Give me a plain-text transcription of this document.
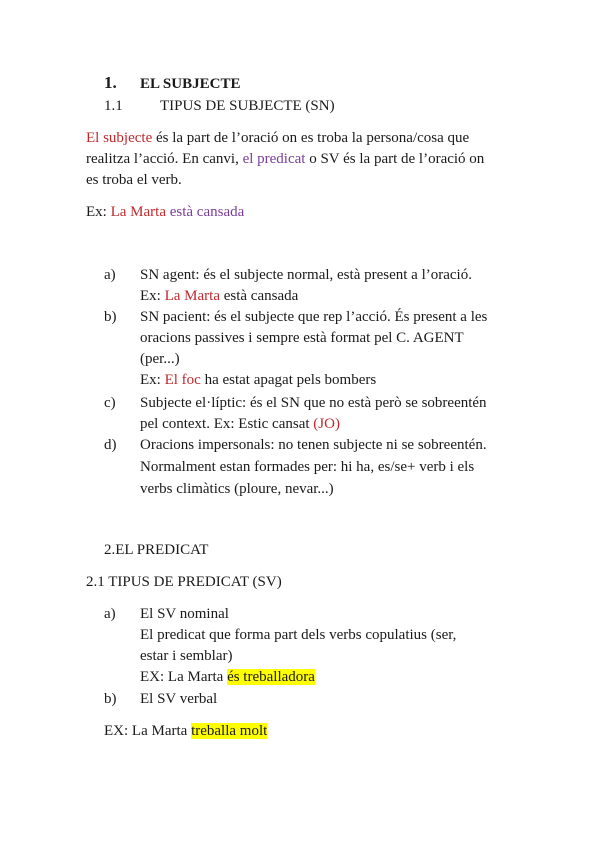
1. EL SUBJECTE
1.1 TIPUS DE SUBJECTE (SN)
El subjecte és la part de l’oració on es troba la persona/cosa que
realitza l’acció. En canvi, el predicat o SV és la part de l’oració on
es troba el verb.
Ex: La Marta està cansada
a) SN agent: és el subjecte normal, està present a l’oració.
Ex: La Marta està cansada
b) SN pacient: és el subjecte que rep l’acció. És present a les
oracions passives i sempre està format pel C. AGENT
(per...)
Ex: El foc ha estat apagat pels bombers
c) Subjecte el·líptic: és el SN que no està però se sobreentén
pel context. Ex: Estic cansat (JO)
d) Oracions impersonals: no tenen subjecte ni se sobreentén.
Normalment estan formades per: hi ha, es/se+ verb i els
verbs climàtics (ploure, nevar...)
2.EL PREDICAT
2.1 TIPUS DE PREDICAT (SV)
a) El SV nominal
El predicat que forma part dels verbs copulatius (ser,
estar i semblar)
EX: La Marta és treballadora
b) El SV verbal
EX: La Marta treballa molt
